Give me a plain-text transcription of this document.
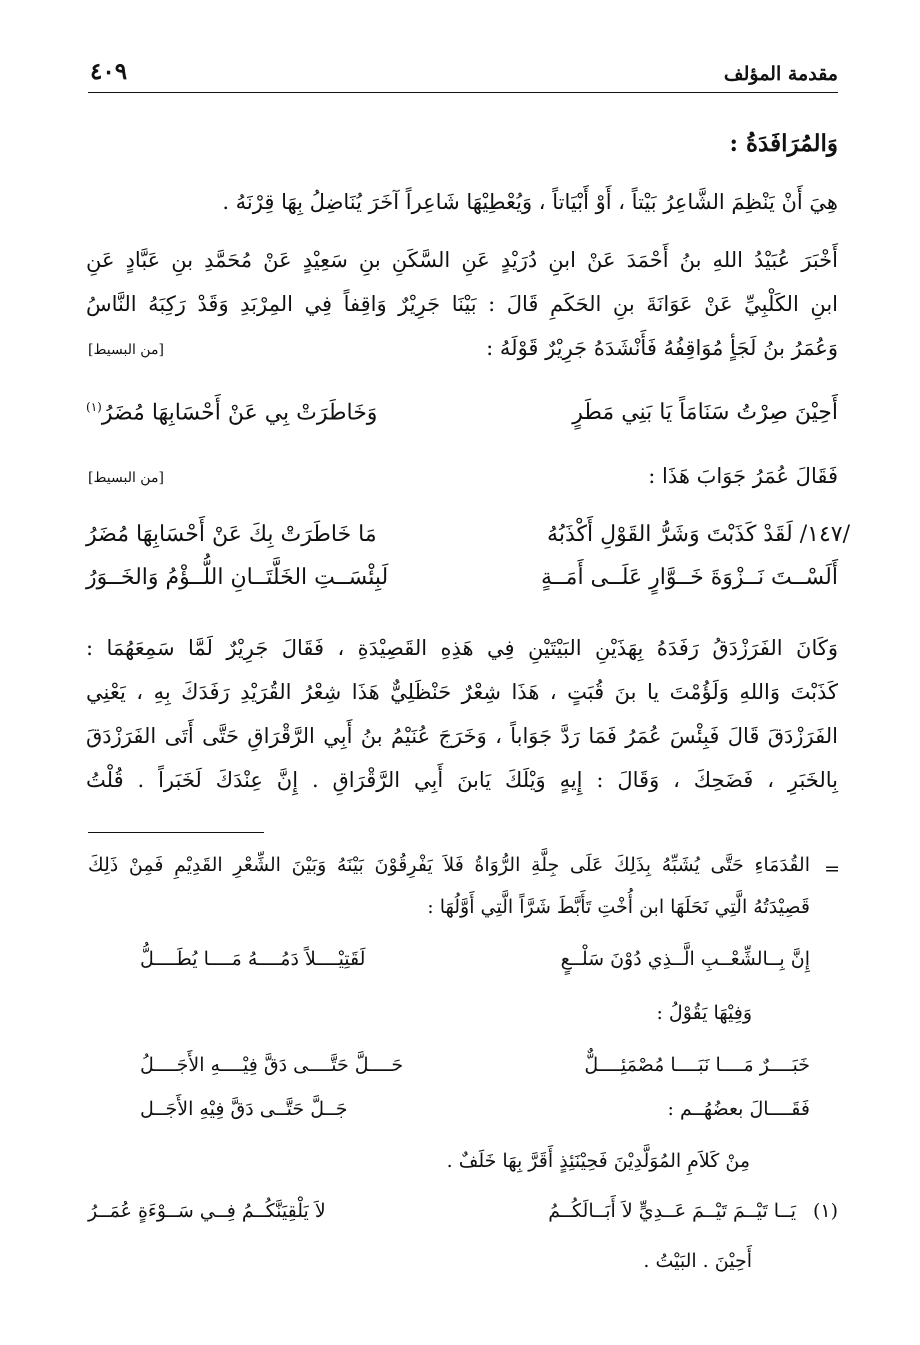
مقدمة المؤلف
٤٠٩
وَالمُرَافَدَةُ :
هِيَ أَنْ يَنْظِمَ الشَّاعِرُ بَيْتاً ، أَوْ أَبْيَاتاً ، وَيُعْطِيْهَا شَاعِراً آخَرَ يُنَاضِلُ بِهَا قِرْنَهُ .
أَخْبَرَ عُبَيْدُ اللهِ بنُ أَحْمَدَ عَنْ ابنِ دُرَيْدٍ عَنِ السَّكَنِ بنِ سَعِيْدٍ عَنْ مُحَمَّدِ بنِ عَبَّادٍ عَنِ
ابنِ الكَلْبِيِّ عَنْ عَوَانَةَ بنِ الحَكَمِ قَالَ : بَيْنَا جَرِيْرٌ وَاقِفاً فِي المِرْبَدِ وَقَدْ رَكِبَهُ النَّاسُ
وَعُمَرُ بنُ لَجَأٍ مُوَاقِفُهُ فَأَنْشَدَهُ جَرِيْرٌ قَوْلَهُ :
[من البسيط]
أَحِيْنَ صِرْتُ سَنَامَاً يَا بَنِي مَطَرٍ
وَخَاطَرَتْ بِي عَنْ أَحْسَابِهَا مُضَرُ$^{(١)}$
فَقَالَ عُمَرُ جَوَابَ هَذَا :
[من البسيط]
/١٤٧/ لَقَدْ كَذَبْتَ وَشَرُّ القَوْلِ أَكْذَبُهُ
مَا خَاطَرَتْ بِكَ عَنْ أَحْسَابِهَا مُضَرُ
أَلَسْــتَ نَــزْوَةَ خَــوَّارٍ عَلَــى أَمَــةٍ
لَبِئْسَــتِ الخَلَّتَــانِ اللُّــؤْمُ وَالخَــوَرُ
وَكَانَ الفَرَزْدَقُ رَفَدَهُ بِهَذَيْنِ البَيْتَيْنِ فِي هَذِهِ القَصِيْدَةِ ، فَقَالَ جَرِيْرٌ لَمَّا سَمِعَهُمَا :
كَذَبْتَ وَاللهِ وَلَؤُمْتَ يا بنَ قُبَتٍ ، هَذَا شِعْرٌ حَنْظَلِيٌّ هَذَا شِعْرُ القُرَيْدِ رَفَدَكَ بِهِ ، يَعْنِي
الفَرَزْدَقَ قَالَ فَبِئْسَ عُمَرُ فَمَا رَدَّ جَوَاباً ، وَخَرَجَ عُنَيْمُ بنُ أَبِي الرَّقْرَاقِ حَتَّى أَتَى الفَرَزْدَقَ
بِالخَبَرِ ، فَضَحِكَ ، وَقَالَ : إِيهٍ وَيْلَكَ يَابنَ أَبِي الرَّقْرَاقِ . إِنَّ عِنْدَكَ لَخَبَراً . قُلْتُ
=
القُدَمَاءِ حَتَّى يُشَبِّهُ بِذَلِكَ عَلَى جِلَّةِ الرُّوَاةُ فَلاَ يَفْرِقُوْنَ بَيْنَهُ وَبَيْنَ الشِّعْرِ القَدِيْمِ فَمِنْ ذَلِكَ
قَصِيْدَتُهُ الَّتِي نَحَلَهَا ابن أُخْتِ تَأَبَّطَ شَرَّاً الَّتِي أَوَّلُهَا :
إِنَّ بِــالشِّعْــبِ الَّــذِي دُوْنَ سَلْــعٍ
لَقَتِيْــــلاً دَمُــــهُ مَــــا يُطَــــلُّ
وَفِيْهَا يَقُوْلُ :
خَبَــــرٌ مَــــا نَبَــــا مُصْمَئِــــلٌّ
حَــــلَّ حَتَّــــى دَقَّ فِيْــــهِ الأَجَــــلُ
فَقَــــالَ بعضُهُــم :
جَــلَّ حَتَّــى دَقَّ فِيْهِ الأَجَــل
مِنْ كَلاَمِ المُوَلَّدِيْنَ فَحِيْنَئِذٍ أَقَرَّ بِهَا خَلَفٌ .
(١)
يَــا تَيْــمَ تَيْــمَ عَــدِيٍّ لاَ أَبَــالَكُــمُ
لاَ يَلْقِيَنَّكُــمُ فِــي سَــوْءَةٍ عُمَــرُ
أَحِيْنَ . البَيْتُ .
